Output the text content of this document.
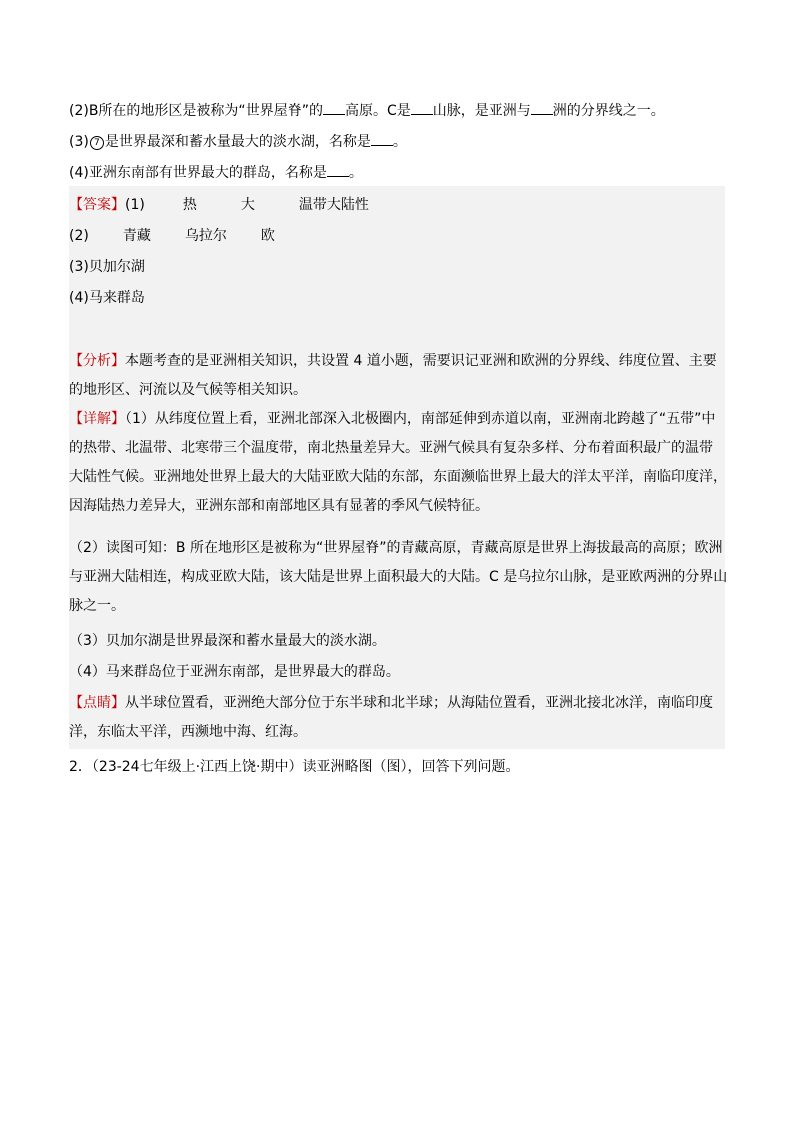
(2)B所在的地形区是被称为“世界屋脊”的 高原。C是 山脉，是亚洲与 洲的分界线之一。
(3) 7 是世界最深和蓄水量最大的淡水湖，名称是 。
(4)亚洲东南部有世界最大的群岛，名称是 。
【答案】(1)	热	大	温带大陆性
(2) 青藏 乌拉尔 欧
(3)贝加尔湖
(4)马来群岛
【分析】本题考查的是亚洲相关知识，共设置 4 道小题，需要识记亚洲和欧洲的分界线、纬度位置、主要
的地形区、河流以及气候等相关知识。
【详解】（1）从纬度位置上看，亚洲北部深入北极圈内，南部延伸到赤道以南，亚洲南北跨越了“五带”中
的热带、北温带、北寒带三个温度带，南北热量差异大。亚洲气候具有复杂多样、分布着面积最广的温带
大陆性气候。亚洲地处世界上最大的大陆亚欧大陆的东部，东面濒临世界上最大的洋太平洋，南临印度洋，
因海陆热力差异大，亚洲东部和南部地区具有显著的季风气候特征。
（2）读图可知：B 所在地形区是被称为“世界屋脊”的青藏高原，青藏高原是世界上海拔最高的高原；欧洲
与亚洲大陆相连，构成亚欧大陆，该大陆是世界上面积最大的大陆。C 是乌拉尔山脉，是亚欧两洲的分界山
脉之一。
（3）贝加尔湖是世界最深和蓄水量最大的淡水湖。
（4）马来群岛位于亚洲东南部，是世界最大的群岛。
【点睛】从半球位置看，亚洲绝大部分位于东半球和北半球；从海陆位置看，亚洲北接北冰洋，南临印度
洋，东临太平洋，西濒地中海、红海。
2．（23-24七年级上·江西上饶·期中）读亚洲略图（图），回答下列问题。
